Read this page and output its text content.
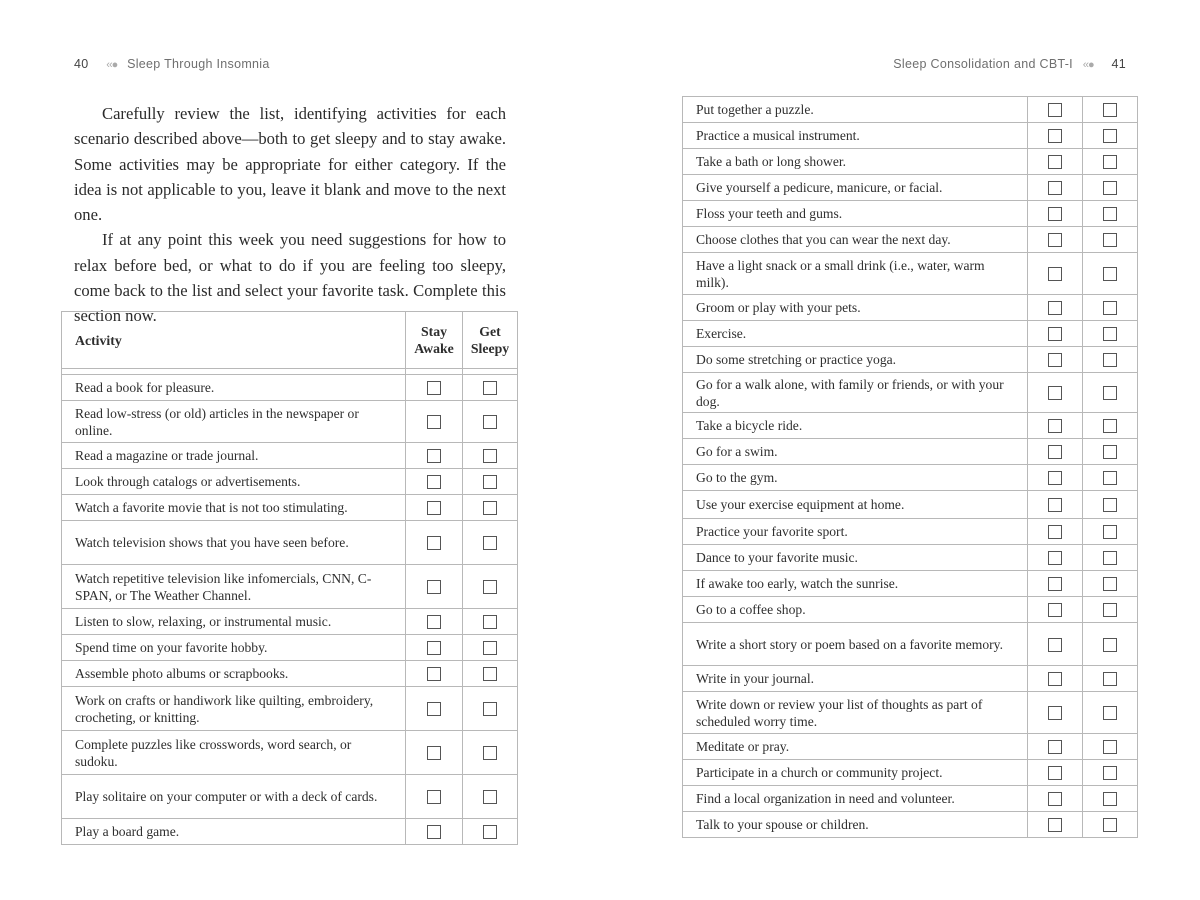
40 ‹‹● Sleep Through Insomnia	Sleep Consolidation and CBT-I ‹‹● 41

Carefully review the list, identifying activities for each scenario described above—both to get sleepy and to stay awake. Some activities may be appropriate for either category. If the idea is not applicable to you, leave it blank and move to the next one.

If at any point this week you need suggestions for how to relax before bed, or what to do if you are feeling too sleepy, come back to the list and select your favorite task. Complete this section now.

Activity	Stay Awake	Get Sleepy

Read a book for pleasure.		
Read low-stress (or old) articles in the newspaper or online.		
Read a magazine or trade journal.		
Look through catalogs or advertisements.		
Watch a favorite movie that is not too stimulating.		
Watch television shows that you have seen before.		
Watch repetitive television like infomercials, CNN, C-SPAN, or The Weather Channel.		
Listen to slow, relaxing, or instrumental music.		
Spend time on your favorite hobby.		
Assemble photo albums or scrapbooks.		
Work on crafts or handiwork like quilting, embroidery, crocheting, or knitting.		
Complete puzzles like crosswords, word search, or sudoku.		
Play solitaire on your computer or with a deck of cards.		
Play a board game.		
Put together a puzzle.		
Practice a musical instrument.		
Take a bath or long shower.		
Give yourself a pedicure, manicure, or facial.		
Floss your teeth and gums.		
Choose clothes that you can wear the next day.		
Have a light snack or a small drink (i.e., water, warm milk).		
Groom or play with your pets.		
Exercise.		
Do some stretching or practice yoga.		
Go for a walk alone, with family or friends, or with your dog.		
Take a bicycle ride.		
Go for a swim.		
Go to the gym.		
Use your exercise equipment at home.		
Practice your favorite sport.		
Dance to your favorite music.		
If awake too early, watch the sunrise.		
Go to a coffee shop.		
Write a short story or poem based on a favorite memory.		
Write in your journal.		
Write down or review your list of thoughts as part of scheduled worry time.		
Meditate or pray.		
Participate in a church or community project.		
Find a local organization in need and volunteer.		
Talk to your spouse or children.		
